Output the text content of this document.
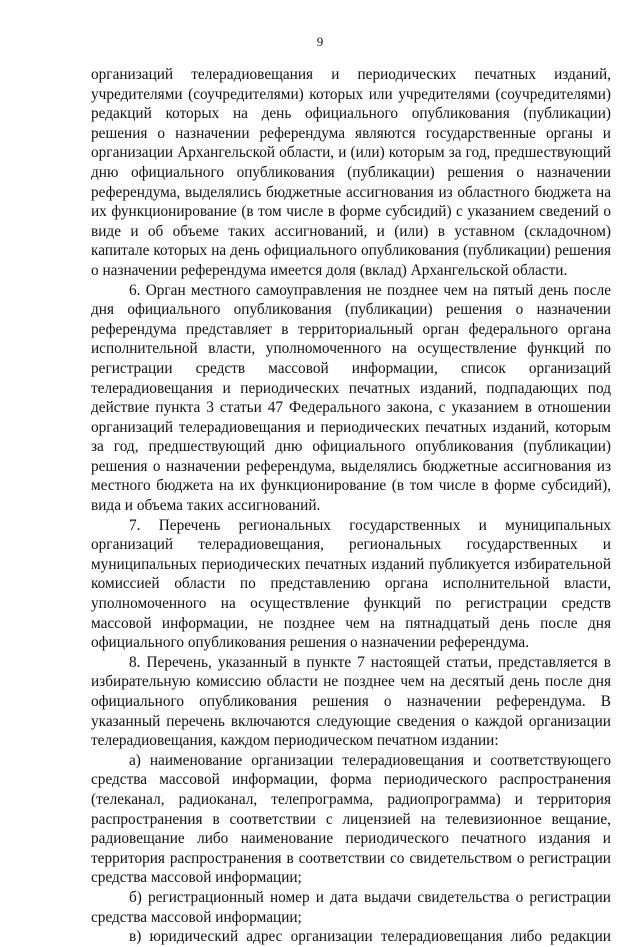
9

организаций телерадиовещания и периодических печатных изданий, учредителями (соучредителями) которых или учредителями (соучредителями) редакций которых на день официального опубликования (публикации) решения о назначении референдума являются государственные органы и организации Архангельской области, и (или) которым за год, предшествующий дню официального опубликования (публикации) решения о назначении референдума, выделялись бюджетные ассигнования из областного бюджета на их функционирование (в том числе в форме субсидий) с указанием сведений о виде и об объеме таких ассигнований, и (или) в уставном (складочном) капитале которых на день официального опубликования (публикации) решения о назначении референдума имеется доля (вклад) Архангельской области.

6. Орган местного самоуправления не позднее чем на пятый день после дня официального опубликования (публикации) решения о назначении референдума представляет в территориальный орган федерального органа исполнительной власти, уполномоченного на осуществление функций по регистрации средств массовой информации, список организаций телерадиовещания и периодических печатных изданий, подпадающих под действие пункта 3 статьи 47 Федерального закона, с указанием в отношении организаций телерадиовещания и периодических печатных изданий, которым за год, предшествующий дню официального опубликования (публикации) решения о назначении референдума, выделялись бюджетные ассигнования из местного бюджета на их функционирование (в том числе в форме субсидий), вида и объема таких ассигнований.

7. Перечень региональных государственных и муниципальных организаций телерадиовещания, региональных государственных и муниципальных периодических печатных изданий публикуется избирательной комиссией области по представлению органа исполнительной власти, уполномоченного на осуществление функций по регистрации средств массовой информации, не позднее чем на пятнадцатый день после дня официального опубликования решения о назначении референдума.

8. Перечень, указанный в пункте 7 настоящей статьи, представляется в избирательную комиссию области не позднее чем на десятый день после дня официального опубликования решения о назначении референдума. В указанный перечень включаются следующие сведения о каждой организации телерадиовещания, каждом периодическом печатном издании:

а) наименование организации телерадиовещания и соответствующего средства массовой информации, форма периодического распространения (телеканал, радиоканал, телепрограмма, радиопрограмма) и территория распространения в соответствии с лицензией на телевизионное вещание, радиовещание либо наименование периодического печатного издания и территория распространения в соответствии со свидетельством о регистрации средства массовой информации;

б) регистрационный номер и дата выдачи свидетельства о регистрации средства массовой информации;

в) юридический адрес организации телерадиовещания либо редакции
